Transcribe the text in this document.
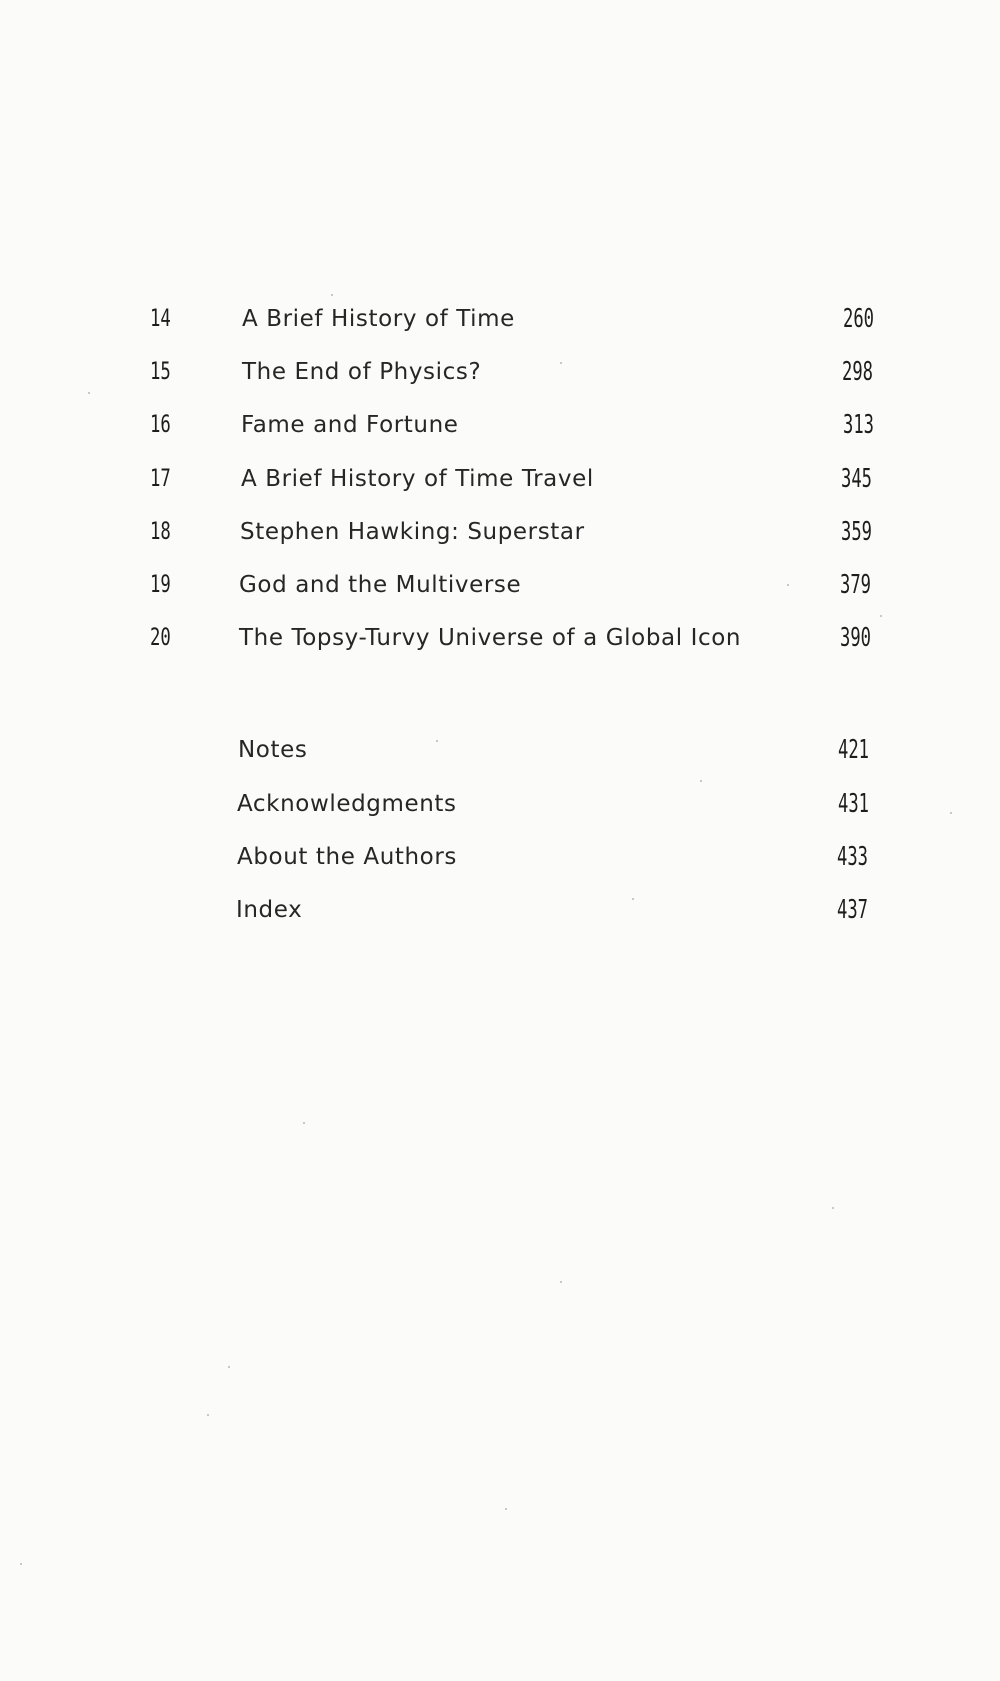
14	A Brief History of Time	260
15	The End of Physics?	298
16	Fame and Fortune	313
17	A Brief History of Time Travel	345
18	Stephen Hawking: Superstar	359
19	God and the Multiverse	379
20	The Topsy-Turvy Universe of a Global Icon	390
Notes	421
Acknowledgments	431
About the Authors	433
Index	437
